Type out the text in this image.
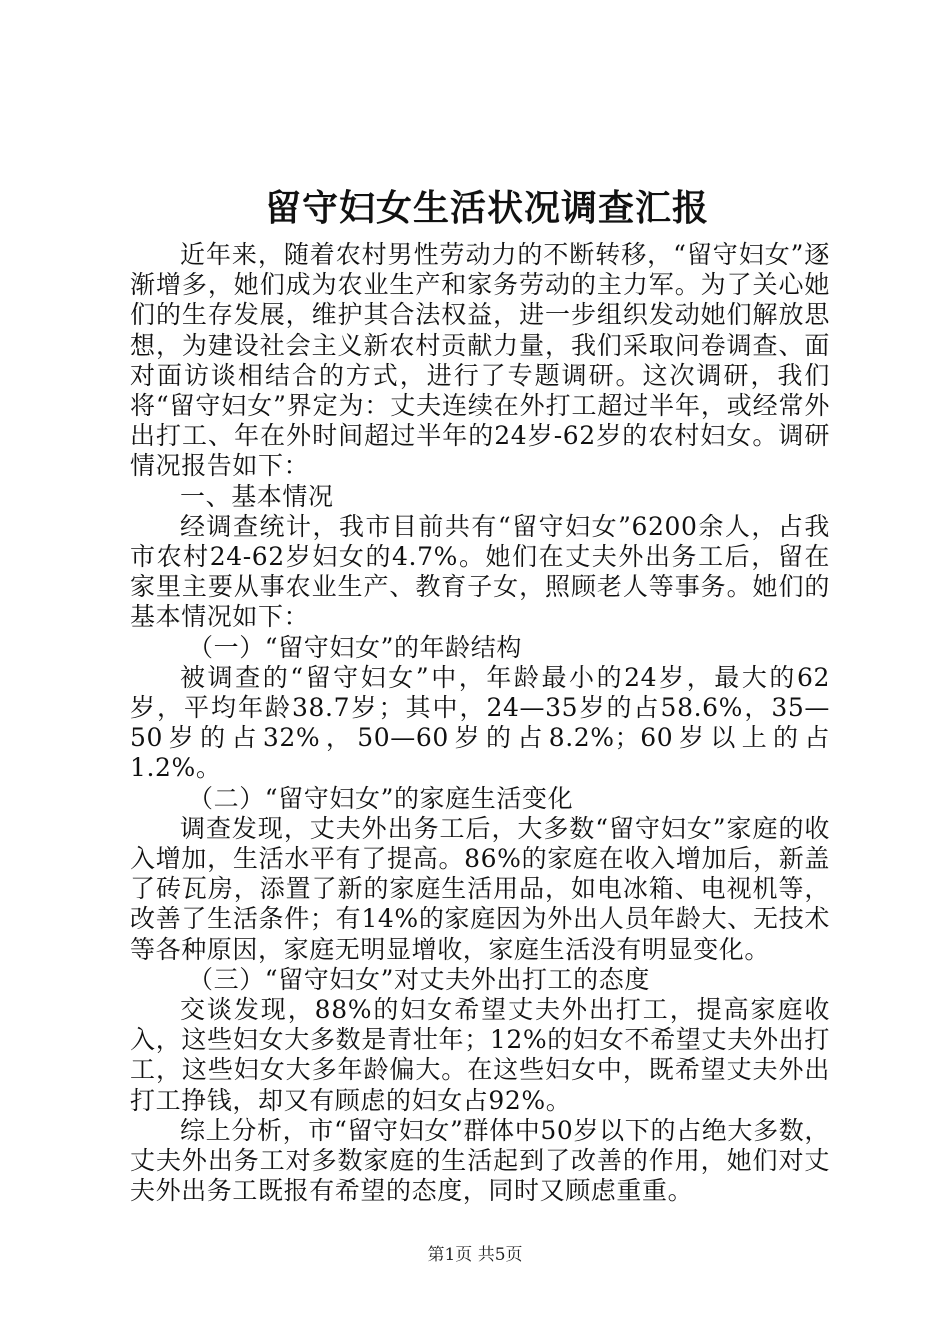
留守妇女生活状况调查汇报

近年来，随着农村男性劳动力的不断转移，“留守妇女”逐渐增多，她们成为农业生产和家务劳动的主力军。为了关心她们的生存发展，维护其合法权益，进一步组织发动她们解放思想，为建设社会主义新农村贡献力量，我们采取问卷调查、面对面访谈相结合的方式，进行了专题调研。这次调研，我们将“留守妇女”界定为：丈夫连续在外打工超过半年，或经常外出打工、年在外时间超过半年的24岁-62岁的农村妇女。调研情况报告如下：

一、基本情况

经调查统计，我市目前共有“留守妇女”6200余人，占我市农村24-62岁妇女的4.7%。她们在丈夫外出务工后，留在家里主要从事农业生产、教育子女，照顾老人等事务。她们的基本情况如下：

（一）“留守妇女”的年龄结构

被调查的“留守妇女”中，年龄最小的24岁，最大的62岁，平均年龄38.7岁；其中，24—35岁的占58.6%，35—50岁的占32%，50—60岁的占8.2%；60岁以上的占1.2%。

（二）“留守妇女”的家庭生活变化

调查发现，丈夫外出务工后，大多数“留守妇女”家庭的收入增加，生活水平有了提高。86%的家庭在收入增加后，新盖了砖瓦房，添置了新的家庭生活用品，如电冰箱、电视机等，改善了生活条件；有14%的家庭因为外出人员年龄大、无技术等各种原因，家庭无明显增收，家庭生活没有明显变化。

（三）“留守妇女”对丈夫外出打工的态度

交谈发现，88%的妇女希望丈夫外出打工，提高家庭收入，这些妇女大多数是青壮年；12%的妇女不希望丈夫外出打工，这些妇女大多年龄偏大。在这些妇女中，既希望丈夫外出打工挣钱，却又有顾虑的妇女占92%。

综上分析，市“留守妇女”群体中50岁以下的占绝大多数，丈夫外出务工对多数家庭的生活起到了改善的作用，她们对丈夫外出务工既报有希望的态度，同时又顾虑重重。

第1页 共5页
